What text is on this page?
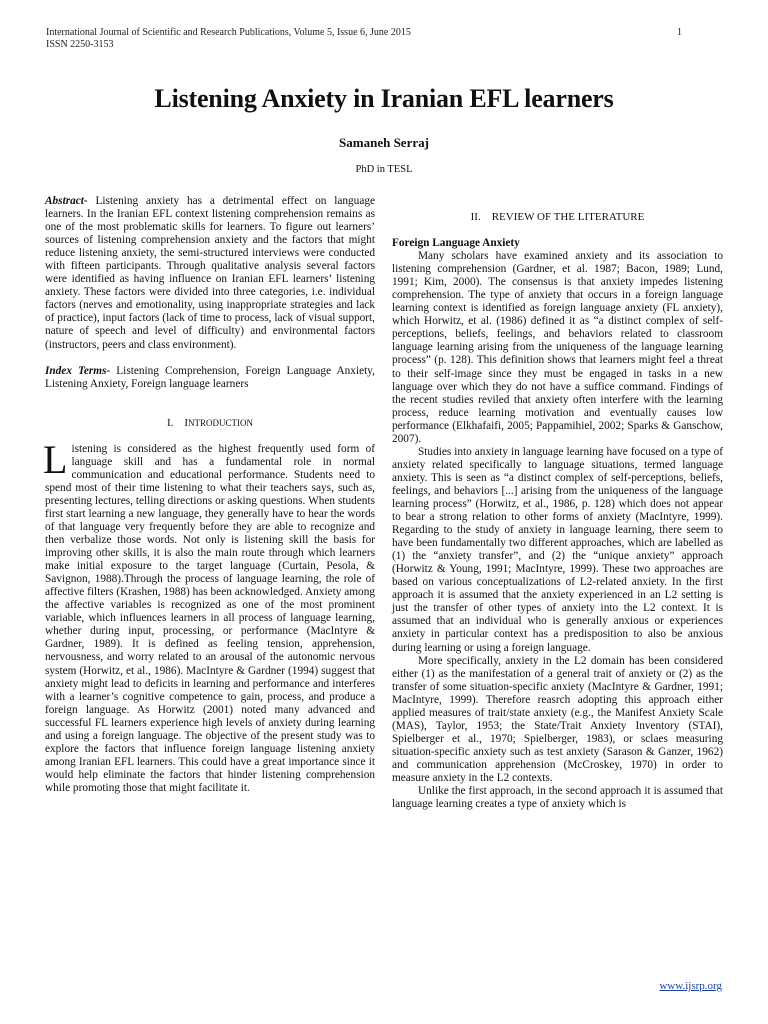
International Journal of Scientific and Research Publications, Volume 5, Issue 6, June 2015
ISSN 2250-3153
1
Listening Anxiety in Iranian EFL learners
Samaneh Serraj
PhD in TESL

Abstract- Listening anxiety has a detrimental effect on language learners. In the Iranian EFL context listening comprehension remains as one of the most problematic skills for learners. To figure out learners’ sources of listening comprehension anxiety and the factors that might reduce listening anxiety, the semi-structured interviews were conducted with fifteen participants. Through qualitative analysis several factors were identified as having influence on Iranian EFL learners’ listening anxiety. These factors were divided into three categories, i.e. individual factors (nerves and emotionality, using inappropriate strategies and lack of practice), input factors (lack of time to process, lack of visual support, nature of speech and level of difficulty) and environmental factors (instructors, peers and class environment).

Index Terms- Listening Comprehension, Foreign Language Anxiety, Listening Anxiety, Foreign language learners

I. INTRODUCTION

Listening is considered as the highest frequently used form of language skill and has a fundamental role in normal communication and educational performance. Students need to spend most of their time listening to what their teachers says, such as, presenting lectures, telling directions or asking questions. When students first start learning a new language, they generally have to hear the words of that language very frequently before they are able to recognize and then verbalize those words. Not only is listening skill the basis for improving other skills, it is also the main route through which learners make initial exposure to the target language (Curtain, Pesola, & Savignon, 1988).Through the process of language learning, the role of affective filters (Krashen, 1988) has been acknowledged. Anxiety among the affective variables is recognized as one of the most prominent variable, which influences learners in all process of language learning, whether during input, processing, or performance (MacIntyre & Gardner, 1989). It is defined as feeling tension, apprehension, nervousness, and worry related to an arousal of the autonomic nervous system (Horwitz, et al., 1986). MacIntyre & Gardner (1994) suggest that anxiety might lead to deficits in learning and performance and interferes with a learner’s cognitive competence to gain, process, and produce a foreign language. As Horwitz (2001) noted many advanced and successful FL learners experience high levels of anxiety during learning and using a foreign language. The objective of the present study was to explore the factors that influence foreign language listening anxiety among Iranian EFL learners. This could have a great importance since it would help eliminate the factors that hinder listening comprehension while promoting those that might facilitate it.

II. REVIEW OF THE LITERATURE

Foreign Language Anxiety

Many scholars have examined anxiety and its association to listening comprehension (Gardner, et al. 1987; Bacon, 1989; Lund, 1991; Kim, 2000). The consensus is that anxiety impedes listening comprehension. The type of anxiety that occurs in a foreign language learning context is identified as foreign language anxiety (FL anxiety), which Horwitz, et al. (1986) defined it as “a distinct complex of self-perceptions, beliefs, feelings, and behaviors related to classroom language learning arising from the uniqueness of the language learning process” (p. 128). This definition shows that learners might feel a threat to their self-image since they must be engaged in tasks in a new language over which they do not have a suffice command. Findings of the recent studies reviled that anxiety often interfere with the learning process, reduce learning motivation and eventually causes low performance (Elkhafaifi, 2005; Pappamihiel, 2002; Sparks & Ganschow, 2007).

Studies into anxiety in language learning have focused on a type of anxiety related specifically to language situations, termed language anxiety. This is seen as “a distinct complex of self-perceptions, beliefs, feelings, and behaviors [...] arising from the uniqueness of the language learning process” (Horwitz, et al., 1986, p. 128) which does not appear to bear a strong relation to other forms of anxiety (MacIntyre, 1999). Regarding to the study of anxiety in language learning, there seem to have been fundamentally two different approaches, which are labelled as (1) the “anxiety transfer”, and (2) the “unique anxiety” approach (Horwitz & Young, 1991; MacIntyre, 1999). These two approaches are based on various conceptualizations of L2-related anxiety. In the first approach it is assumed that the anxiety experienced in an L2 setting is just the transfer of other types of anxiety into the L2 context. It is assumed that an individual who is generally anxious or experiences anxiety in particular context has a predisposition to also be anxious during learning or using a foreign language.

More specifically, anxiety in the L2 domain has been considered either (1) as the manifestation of a general trait of anxiety or (2) as the transfer of some situation-specific anxiety (MacIntyre & Gardner, 1991; MacIntyre, 1999). Therefore reasrch adopting this approach either applied measures of trait/state anxiety (e.g., the Manifest Anxiety Scale (MAS), Taylor, 1953; the State/Trait Anxiety Inventory (STAI), Spielberger et al., 1970; Spielberger, 1983), or sclaes measuring situation-specific anxiety such as test anxiety (Sarason & Ganzer, 1962) and communication apprehension (McCroskey, 1970) in order to measure anxiety in the L2 contexts.

Unlike the first approach, in the second approach it is assumed that language learning creates a type of anxiety which is

www.ijsrp.org
